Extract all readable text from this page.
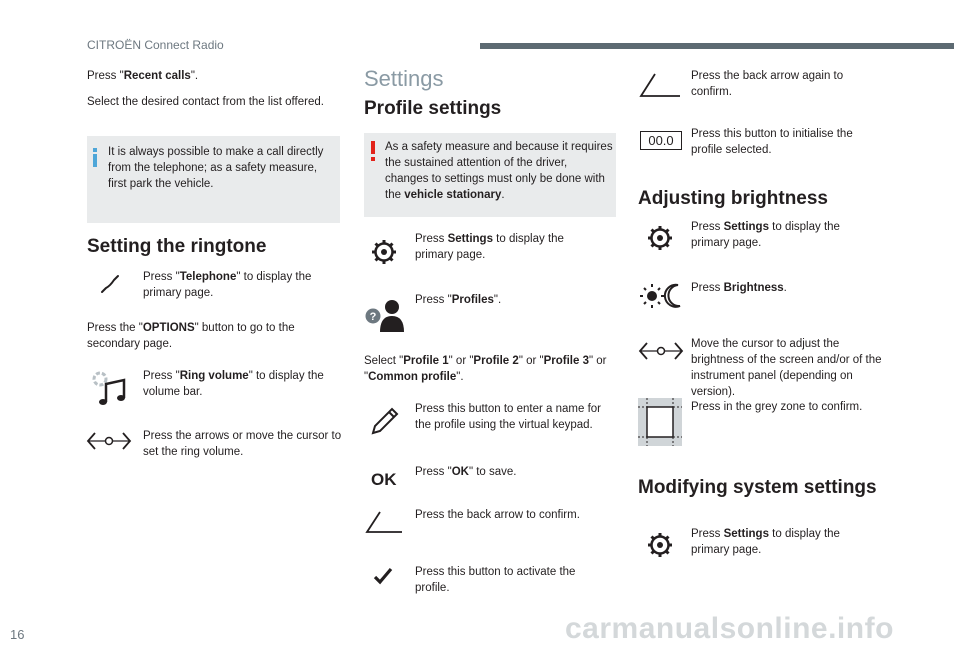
CITROËN Connect Radio
Press "Recent calls".
Select the desired contact from the list offered.
It is always possible to make a call directly from the telephone; as a safety measure, first park the vehicle.
Setting the ringtone
Press "Telephone" to display the primary page.
Press the "OPTIONS" button to go to the secondary page.
Press "Ring volume" to display the volume bar.
Press the arrows or move the cursor to set the ring volume.
Settings
Profile settings
As a safety measure and because it requires the sustained attention of the driver, changes to settings must only be done with the vehicle stationary.
Press Settings to display the primary page.
?
Press "Profiles".
Select "Profile 1" or "Profile 2" or "Profile 3" or "Common profile".
Press this button to enter a name for the profile using the virtual keypad.
OK Press "OK" to save.
Press the back arrow to confirm.
Press this button to activate the profile.
Press the back arrow again to confirm.
00.0	Press this button to initialise the profile selected.
Adjusting brightness
Press Settings to display the primary page.
Press Brightness.
Move the cursor to adjust the brightness of the screen and/or of the instrument panel (depending on version).
Press in the grey zone to confirm.
Modifying system settings
Press Settings to display the primary page.
16	carmanualsonline.info
